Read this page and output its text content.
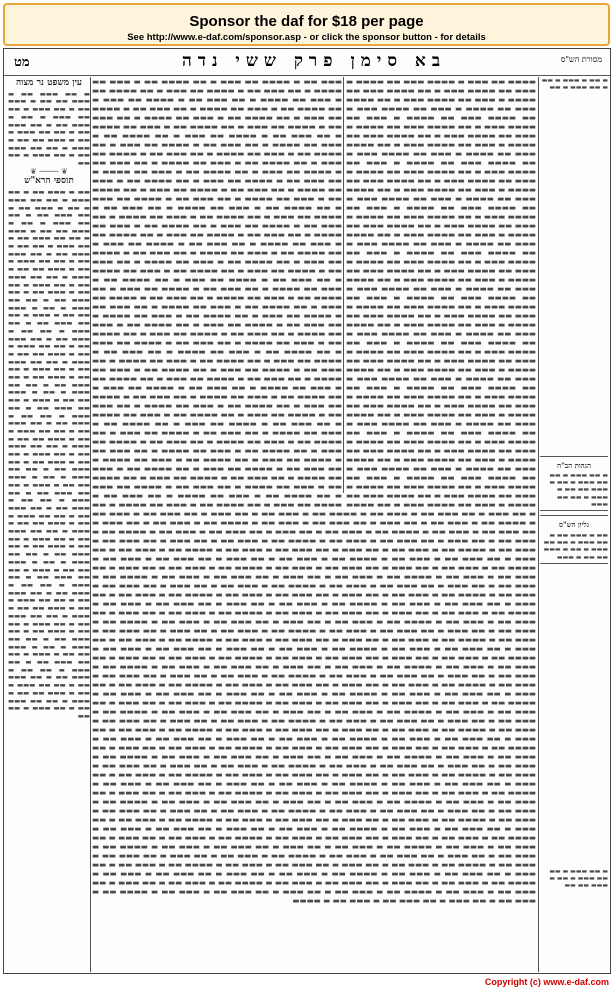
Sponsor the daf for $18 per page
See http://www.e-daf.com/sponsor.asp - or click the sponsor button - for details
מט	בא סימן פרק ששי נדה	מסורת הש"ס
עין משפט נר מצוה
▬ ▬▬ ▬▬▬ ▬▬ ▬ ▬▬▬ ▬▬ ▬▬ ▬ ▬▬▬ ▬▬ ▬ ▬▬ ▬▬▬ ▬ ▬▬ ▬▬ ▬▬▬ ▬ ▬▬ ▬ ▬▬▬ ▬▬ ▬ ▬▬ ▬▬▬ ▬▬ ▬ ▬▬ ▬▬ ▬▬▬ ▬ ▬▬ ▬ ▬▬▬ ▬▬ ▬▬ ▬ ▬▬▬ ▬ ▬▬ ▬▬ ▬▬▬ ▬▬ ▬ ▬▬ ▬▬▬ ▬ ▬▬ ▬▬
❦ ──── ❦
תוספי הרא"ש
▬▬ ▬ ▬▬▬ ▬▬ ▬ ▬▬ ▬▬▬ ▬ ▬▬ ▬▬ ▬▬▬ ▬ ▬▬ ▬ ▬▬▬ ▬▬ ▬ ▬▬ ▬▬▬ ▬▬ ▬ ▬▬ ▬▬ ▬▬▬ ▬ ▬▬ ▬ ▬▬▬ ▬▬ ▬▬ ▬ ▬▬▬ ▬ ▬▬ ▬▬ ▬▬▬ ▬▬ ▬ ▬▬ ▬▬▬ ▬ ▬▬ ▬▬ ▬ ▬▬▬ ▬▬ ▬ ▬▬ ▬▬▬ ▬▬ ▬ ▬▬ ▬▬ ▬▬▬ ▬ ▬▬ ▬ ▬▬▬ ▬▬ ▬▬ ▬ ▬▬▬ ▬ ▬▬ ▬▬ ▬▬▬ ▬▬ ▬ ▬▬ ▬▬▬ ▬ ▬▬ ▬▬ ▬ ▬▬▬ ▬▬ ▬ ▬▬ ▬▬▬ ▬▬ ▬ ▬▬ ▬▬ ▬▬▬ ▬ ▬▬ ▬ ▬▬▬ ▬▬ ▬▬ ▬ ▬▬▬ ▬ ▬▬ ▬▬ ▬▬▬ ▬▬ ▬ ▬▬ ▬▬▬ ▬ ▬▬ ▬▬ ▬ ▬▬▬ ▬▬ ▬ ▬▬ ▬▬▬ ▬▬ ▬ ▬▬ ▬▬ ▬▬▬ ▬ ▬▬ ▬ ▬▬▬ ▬▬ ▬▬ ▬ ▬▬▬ ▬ ▬▬ ▬▬ ▬▬▬ ▬▬ ▬ ▬▬ ▬▬▬ ▬ ▬▬ ▬▬ ▬ ▬▬▬ ▬▬ ▬ ▬▬ ▬▬▬ ▬▬ ▬ ▬▬ ▬▬ ▬▬▬ ▬ ▬▬ ▬ ▬▬▬ ▬▬ ▬▬ ▬ ▬▬▬ ▬ ▬▬ ▬▬ ▬▬▬ ▬▬ ▬ ▬▬ ▬▬▬ ▬ ▬▬ ▬▬ ▬ ▬▬▬ ▬▬ ▬ ▬▬ ▬▬▬ ▬▬ ▬ ▬▬ ▬▬ ▬▬▬ ▬ ▬▬ ▬ ▬▬▬ ▬▬ ▬▬ ▬ ▬▬▬ ▬ ▬▬ ▬▬ ▬▬▬ ▬▬ ▬ ▬▬ ▬▬▬ ▬ ▬▬ ▬▬ ▬ ▬▬▬ ▬▬ ▬ ▬▬ ▬▬▬ ▬▬ ▬ ▬▬ ▬▬ ▬▬▬ ▬ ▬▬ ▬ ▬▬▬ ▬▬ ▬▬ ▬ ▬▬▬ ▬ ▬▬ ▬▬ ▬▬▬ ▬▬ ▬ ▬▬ ▬▬▬ ▬ ▬▬ ▬▬ ▬ ▬▬▬ ▬▬ ▬ ▬▬ ▬▬▬ ▬▬ ▬ ▬▬ ▬▬ ▬▬▬ ▬ ▬▬ ▬ ▬▬▬ ▬▬ ▬▬ ▬ ▬▬▬ ▬ ▬▬ ▬▬ ▬▬▬ ▬▬ ▬ ▬▬ ▬▬▬ ▬ ▬▬ ▬▬ ▬ ▬▬▬ ▬▬ ▬ ▬▬ ▬▬▬ ▬▬ ▬ ▬▬ ▬▬ ▬▬▬ ▬ ▬▬ ▬ ▬▬▬ ▬▬ ▬▬ ▬ ▬▬▬ ▬ ▬▬ ▬▬ ▬▬▬ ▬▬ ▬ ▬▬ ▬▬▬ ▬ ▬▬ ▬▬ ▬ ▬▬▬ ▬▬ ▬ ▬▬ ▬▬▬ ▬▬ ▬ ▬▬ ▬▬ ▬▬▬ ▬ ▬▬ ▬ ▬▬▬ ▬▬ ▬▬ ▬ ▬▬▬ ▬ ▬▬ ▬▬ ▬▬▬ ▬▬ ▬ ▬▬ ▬▬▬ ▬ ▬▬ ▬▬ ▬ ▬▬▬ ▬▬ ▬ ▬▬ ▬▬▬ ▬▬ ▬ ▬▬ ▬▬ ▬▬▬ ▬ ▬▬ ▬ ▬▬▬ ▬▬ ▬▬ ▬ ▬▬▬ ▬ ▬▬ ▬▬ ▬▬▬ ▬▬ ▬ ▬▬ ▬▬▬ ▬ ▬▬ ▬▬ ▬ ▬▬▬ ▬▬ ▬ ▬▬ ▬▬▬ ▬▬ ▬ ▬▬ ▬▬ ▬▬▬ ▬ ▬▬ ▬ ▬▬▬ ▬▬ ▬▬ ▬ ▬▬▬ ▬ ▬▬ ▬▬ ▬▬▬ ▬▬ ▬ ▬▬ ▬▬▬ ▬ ▬▬ ▬▬
▬▬▬ ▬▬ ▬ ▬▬▬▬ ▬▬ ▬▬▬ ▬ ▬▬ ▬▬▬▬ ▬▬ ▬ ▬▬▬ ▬▬ ▬▬▬▬ ▬ ▬▬ ▬▬▬ ▬▬ ▬ ▬▬▬▬ ▬▬ ▬▬▬ ▬ ▬▬ ▬▬▬▬ ▬▬ ▬ ▬▬▬ ▬▬ ▬▬▬▬ ▬ ▬▬ ▬▬▬ ▬▬ ▬ ▬▬▬▬ ▬▬ ▬▬▬ ▬ ▬▬ ▬▬▬▬ ▬▬ ▬ ▬▬▬ ▬▬ ▬▬▬▬ ▬ ▬▬ ▬▬▬ ▬▬ ▬ ▬▬▬▬ ▬▬ ▬▬▬ ▬ ▬▬ ▬▬▬▬ ▬▬ ▬ ▬▬▬ ▬▬ ▬▬▬▬ ▬ ▬▬ ▬▬▬ ▬▬ ▬ ▬▬▬▬ ▬▬ ▬▬▬ ▬ ▬▬ ▬▬▬▬ ▬▬ ▬ ▬▬▬ ▬▬ ▬▬▬▬ ▬ ▬▬ ▬▬▬ ▬▬ ▬ ▬▬▬▬ ▬▬ ▬▬▬ ▬ ▬▬ ▬▬▬▬ ▬▬ ▬ ▬▬▬ ▬▬ ▬▬▬▬ ▬ ▬▬ ▬▬▬ ▬▬ ▬ ▬▬▬▬ ▬▬ ▬▬▬ ▬ ▬▬ ▬▬▬▬ ▬▬ ▬ ▬▬▬ ▬▬ ▬▬▬▬ ▬ ▬▬ ▬▬▬ ▬▬ ▬ ▬▬▬▬ ▬▬ ▬▬▬ ▬ ▬▬ ▬▬▬▬ ▬▬ ▬ ▬▬▬ ▬▬ ▬▬▬▬ ▬ ▬▬ ▬▬▬ ▬▬ ▬ ▬▬▬▬ ▬▬ ▬▬▬ ▬ ▬▬ ▬▬▬▬ ▬▬ ▬ ▬▬▬ ▬▬ ▬▬▬▬ ▬ ▬▬ ▬▬▬ ▬▬ ▬ ▬▬▬▬ ▬▬ ▬▬▬ ▬ ▬▬ ▬▬▬▬ ▬▬ ▬ ▬▬▬ ▬▬ ▬▬▬▬ ▬ ▬▬ ▬▬▬ ▬▬ ▬ ▬▬▬▬ ▬▬ ▬▬▬ ▬ ▬▬ ▬▬▬▬ ▬▬ ▬ ▬▬▬ ▬▬ ▬▬▬▬ ▬ ▬▬ ▬▬▬ ▬▬ ▬ ▬▬▬▬ ▬▬ ▬▬▬ ▬ ▬▬ ▬▬▬▬ ▬▬ ▬ ▬▬▬ ▬▬ ▬▬▬▬ ▬ ▬▬ ▬▬▬ ▬▬ ▬ ▬▬▬▬ ▬▬ ▬▬▬ ▬ ▬▬ ▬▬▬▬ ▬▬ ▬ ▬▬▬ ▬▬ ▬▬▬▬ ▬ ▬▬ ▬▬▬ ▬▬ ▬ ▬▬▬▬ ▬▬ ▬▬▬ ▬ ▬▬ ▬▬▬▬ ▬▬ ▬ ▬▬▬ ▬▬ ▬▬▬▬ ▬ ▬▬ ▬▬▬ ▬▬ ▬ ▬▬▬▬ ▬▬ ▬▬▬ ▬ ▬▬ ▬▬▬▬ ▬▬ ▬ ▬▬▬ ▬▬ ▬▬▬▬ ▬ ▬▬ ▬▬▬ ▬▬ ▬ ▬▬▬▬ ▬▬ ▬▬▬ ▬ ▬▬ ▬▬▬▬ ▬▬ ▬ ▬▬▬ ▬▬ ▬▬▬▬ ▬ ▬▬ ▬▬▬ ▬▬ ▬ ▬▬▬▬ ▬▬ ▬▬▬ ▬ ▬▬ ▬▬▬▬ ▬▬ ▬ ▬▬▬ ▬▬ ▬▬▬▬ ▬ ▬▬ ▬▬▬ ▬▬ ▬ ▬▬▬▬ ▬▬ ▬▬▬ ▬ ▬▬ ▬▬▬▬ ▬▬ ▬ ▬▬▬ ▬▬ ▬▬▬▬ ▬ ▬▬ ▬▬▬ ▬▬ ▬ ▬▬▬▬ ▬▬ ▬▬▬ ▬ ▬▬ ▬▬▬▬ ▬▬ ▬ ▬▬▬ ▬▬ ▬▬▬▬ ▬ ▬▬ ▬▬▬ ▬▬ ▬ ▬▬▬▬ ▬▬ ▬▬▬ ▬ ▬▬ ▬▬▬▬ ▬▬ ▬ ▬▬▬ ▬▬ ▬▬▬▬ ▬ ▬▬ ▬▬▬ ▬▬ ▬ ▬▬▬▬ ▬▬ ▬▬▬ ▬ ▬▬ ▬▬▬▬ ▬▬ ▬ ▬▬▬ ▬▬ ▬▬▬▬ ▬ ▬▬ ▬▬▬ ▬▬ ▬ ▬▬▬▬ ▬▬ ▬▬▬ ▬ ▬▬ ▬▬▬▬ ▬▬ ▬ ▬▬▬ ▬▬ ▬▬▬▬ ▬ ▬▬ ▬▬▬ ▬▬ ▬ ▬▬▬▬ ▬▬ ▬▬▬ ▬ ▬▬ ▬▬▬▬ ▬▬ ▬ ▬▬▬ ▬▬ ▬▬▬▬ ▬ ▬▬ ▬▬▬ ▬▬ ▬ ▬▬▬▬ ▬▬ ▬▬▬ ▬ ▬▬ ▬▬▬▬ ▬▬ ▬ ▬▬▬ ▬▬ ▬▬▬▬ ▬ ▬▬ ▬▬▬ ▬▬ ▬ ▬▬▬▬ ▬▬ ▬▬▬ ▬ ▬▬ ▬▬▬▬ ▬▬ ▬ ▬▬▬ ▬▬ ▬▬▬▬ ▬ ▬▬ ▬▬▬ ▬▬ ▬ ▬▬▬▬ ▬▬ ▬▬▬ ▬ ▬▬ ▬▬▬▬ ▬▬ ▬ ▬▬▬ ▬▬ ▬▬▬▬ ▬ ▬▬ ▬▬▬ ▬▬ ▬ ▬▬▬▬ ▬▬ ▬▬▬ ▬ ▬▬ ▬▬▬▬ ▬▬ ▬ ▬▬▬ ▬▬ ▬▬▬▬ ▬ ▬▬ ▬▬▬ ▬▬ ▬ ▬▬▬▬ ▬▬ ▬▬▬ ▬ ▬▬ ▬▬▬▬ ▬▬ ▬ ▬▬▬ ▬▬ ▬▬▬▬ ▬ ▬▬ ▬▬▬ ▬▬ ▬ ▬▬▬▬ ▬▬ ▬▬▬ ▬ ▬▬ ▬▬▬▬ ▬▬ ▬ ▬▬▬ ▬▬ ▬▬▬▬ ▬ ▬▬ ▬▬▬ ▬▬ ▬ ▬▬▬▬ ▬▬ ▬▬▬ ▬ ▬▬ ▬▬▬▬ ▬▬ ▬ ▬▬▬ ▬▬ ▬▬▬▬ ▬ ▬▬ ▬▬▬ ▬▬ ▬ ▬▬▬▬ ▬▬ ▬▬▬ ▬ ▬▬ ▬▬▬▬ ▬▬ ▬ ▬▬▬ ▬▬ ▬▬▬▬ ▬ ▬▬ ▬▬▬ ▬▬ ▬ ▬▬▬▬ ▬▬ ▬▬▬ ▬ ▬▬ ▬▬▬▬ ▬▬ ▬ ▬▬▬ ▬▬ ▬▬▬▬ ▬ ▬▬ ▬▬▬ ▬▬ ▬ ▬▬▬▬ ▬▬ ▬▬▬ ▬ ▬▬ ▬▬▬▬ ▬▬ ▬ ▬▬▬ ▬▬ ▬▬▬▬ ▬ ▬▬ ▬▬▬ ▬▬ ▬ ▬▬▬▬ ▬▬ ▬▬▬ ▬ ▬▬ ▬▬▬▬ ▬▬ ▬ ▬▬▬ ▬▬ ▬▬▬▬ ▬ ▬▬ ▬▬▬ ▬▬ ▬ ▬▬▬▬ ▬▬ ▬▬▬ ▬ ▬▬ ▬▬▬▬ ▬▬ ▬ ▬▬▬ ▬▬ ▬▬▬▬ ▬ ▬▬ ▬▬▬ ▬▬ ▬ ▬▬▬▬ ▬▬ ▬▬▬ ▬ ▬▬ ▬▬▬▬ ▬▬ ▬ ▬▬▬ ▬▬ ▬▬▬▬ ▬ ▬▬ ▬▬▬ ▬▬ ▬ ▬▬▬▬ ▬▬ ▬▬▬ ▬ ▬▬ ▬▬▬▬ ▬▬ ▬ ▬▬▬ ▬▬ ▬▬▬▬ ▬ ▬▬ ▬▬▬ ▬▬ ▬ ▬▬▬▬ ▬▬ ▬▬▬ ▬ ▬▬ ▬▬▬▬ ▬▬ ▬ ▬▬▬ ▬▬ ▬▬▬▬ ▬ ▬▬ ▬▬▬ ▬▬ ▬ ▬▬▬▬ ▬▬ ▬▬▬ ▬ ▬▬ ▬▬▬▬ ▬▬ ▬ ▬▬▬ ▬▬ ▬▬▬▬ ▬ ▬▬
▬▬▬▬ ▬▬ ▬▬▬ ▬ ▬▬▬▬ ▬▬▬ ▬▬ ▬▬▬▬ ▬ ▬▬▬ ▬▬ ▬▬▬▬ ▬▬▬ ▬ ▬▬ ▬▬▬▬ ▬▬▬ ▬▬ ▬▬▬▬ ▬ ▬▬▬ ▬▬ ▬▬▬▬ ▬▬▬ ▬ ▬▬ ▬▬▬▬ ▬▬▬ ▬▬ ▬▬▬▬ ▬ ▬▬▬ ▬▬ ▬▬▬▬ ▬▬▬ ▬ ▬▬ ▬▬▬▬ ▬▬▬ ▬▬ ▬▬▬▬ ▬ ▬▬▬ ▬▬ ▬▬▬▬ ▬▬▬ ▬ ▬▬ ▬▬▬▬ ▬▬▬ ▬▬ ▬▬▬▬ ▬ ▬▬▬ ▬▬ ▬▬▬▬ ▬▬▬ ▬ ▬▬ ▬▬▬▬ ▬▬▬ ▬▬ ▬▬▬▬ ▬ ▬▬▬ ▬▬ ▬▬▬▬ ▬▬▬ ▬ ▬▬ ▬▬▬▬ ▬▬▬ ▬▬ ▬▬▬▬ ▬ ▬▬▬ ▬▬ ▬▬▬▬ ▬▬▬ ▬ ▬▬ ▬▬▬▬ ▬▬▬ ▬▬ ▬▬▬▬ ▬ ▬▬▬ ▬▬ ▬▬▬▬ ▬▬▬ ▬ ▬▬ ▬▬▬▬ ▬▬▬ ▬▬ ▬▬▬▬ ▬ ▬▬▬ ▬▬ ▬▬▬▬ ▬▬▬ ▬ ▬▬ ▬▬▬▬ ▬▬▬ ▬▬ ▬▬▬▬ ▬ ▬▬▬ ▬▬ ▬▬▬▬ ▬▬▬ ▬ ▬▬ ▬▬▬▬ ▬▬▬ ▬▬ ▬▬▬▬ ▬ ▬▬▬ ▬▬ ▬▬▬▬ ▬▬▬ ▬ ▬▬ ▬▬▬▬ ▬▬▬ ▬▬ ▬▬▬▬ ▬ ▬▬▬ ▬▬ ▬▬▬▬ ▬▬▬ ▬ ▬▬ ▬▬▬▬ ▬▬▬ ▬▬ ▬▬▬▬ ▬ ▬▬▬ ▬▬ ▬▬▬▬ ▬▬▬ ▬ ▬▬ ▬▬▬▬ ▬▬▬ ▬▬ ▬▬▬▬ ▬ ▬▬▬ ▬▬ ▬▬▬▬ ▬▬▬ ▬ ▬▬ ▬▬▬▬ ▬▬▬ ▬▬ ▬▬▬▬ ▬ ▬▬▬ ▬▬ ▬▬▬▬ ▬▬▬ ▬ ▬▬ ▬▬▬▬ ▬▬▬ ▬▬ ▬▬▬▬ ▬ ▬▬▬ ▬▬ ▬▬▬▬ ▬▬▬ ▬ ▬▬ ▬▬▬▬ ▬▬▬ ▬▬ ▬▬▬▬ ▬ ▬▬▬ ▬▬ ▬▬▬▬ ▬▬▬ ▬ ▬▬ ▬▬▬▬ ▬▬▬ ▬▬ ▬▬▬▬ ▬ ▬▬▬ ▬▬ ▬▬▬▬ ▬▬▬ ▬ ▬▬ ▬▬▬▬ ▬▬▬ ▬▬ ▬▬▬▬ ▬ ▬▬▬ ▬▬ ▬▬▬▬ ▬▬▬ ▬ ▬▬ ▬▬▬▬ ▬▬▬ ▬▬ ▬▬▬▬ ▬ ▬▬▬ ▬▬ ▬▬▬▬ ▬▬▬ ▬ ▬▬ ▬▬▬▬ ▬▬▬ ▬▬ ▬▬▬▬ ▬ ▬▬▬ ▬▬ ▬▬▬▬ ▬▬▬ ▬ ▬▬ ▬▬▬▬ ▬▬▬ ▬▬ ▬▬▬▬ ▬ ▬▬▬ ▬▬ ▬▬▬▬ ▬▬▬ ▬ ▬▬ ▬▬▬▬ ▬▬▬ ▬▬ ▬▬▬▬ ▬ ▬▬▬ ▬▬ ▬▬▬▬ ▬▬▬ ▬ ▬▬ ▬▬▬▬ ▬▬▬ ▬▬ ▬▬▬▬ ▬ ▬▬▬ ▬▬ ▬▬▬▬ ▬▬▬ ▬ ▬▬ ▬▬▬▬ ▬▬▬ ▬▬ ▬▬▬▬ ▬ ▬▬▬ ▬▬ ▬▬▬▬ ▬▬▬ ▬ ▬▬ ▬▬▬▬ ▬▬▬ ▬▬ ▬▬▬▬ ▬ ▬▬▬ ▬▬ ▬▬▬▬ ▬▬▬ ▬ ▬▬ ▬▬▬▬ ▬▬▬ ▬▬ ▬▬▬▬ ▬ ▬▬▬ ▬▬ ▬▬▬▬ ▬▬▬ ▬ ▬▬ ▬▬▬▬ ▬▬▬ ▬▬ ▬▬▬▬ ▬ ▬▬▬ ▬▬ ▬▬▬▬ ▬▬▬ ▬ ▬▬ ▬▬▬▬ ▬▬▬ ▬▬ ▬▬▬▬ ▬ ▬▬▬ ▬▬ ▬▬▬▬ ▬▬▬ ▬ ▬▬ ▬▬▬▬ ▬▬▬ ▬▬ ▬▬▬▬ ▬ ▬▬▬ ▬▬ ▬▬▬▬ ▬▬▬ ▬ ▬▬ ▬▬▬▬ ▬▬▬ ▬▬ ▬▬▬▬ ▬ ▬▬▬ ▬▬ ▬▬▬▬ ▬▬▬ ▬ ▬▬ ▬▬▬▬ ▬▬▬ ▬▬ ▬▬▬▬ ▬ ▬▬▬ ▬▬ ▬▬▬▬ ▬▬▬ ▬ ▬▬ ▬▬▬▬ ▬▬▬ ▬▬ ▬▬▬▬ ▬ ▬▬▬ ▬▬ ▬▬▬▬ ▬▬▬ ▬ ▬▬ ▬▬▬▬ ▬▬▬ ▬▬ ▬▬▬▬ ▬ ▬▬▬ ▬▬ ▬▬▬▬ ▬▬▬ ▬ ▬▬ ▬▬▬▬ ▬▬▬ ▬▬ ▬▬▬▬ ▬ ▬▬▬ ▬▬ ▬▬▬▬ ▬▬▬ ▬ ▬▬ ▬▬▬▬ ▬▬▬ ▬▬ ▬▬▬▬ ▬ ▬▬▬ ▬▬ ▬▬▬▬ ▬▬▬ ▬ ▬▬ ▬▬▬▬ ▬▬▬ ▬▬ ▬▬▬▬ ▬ ▬▬▬ ▬▬ ▬▬▬▬ ▬▬▬ ▬ ▬▬ ▬▬▬▬ ▬▬▬ ▬▬ ▬▬▬▬ ▬ ▬▬▬ ▬▬ ▬▬▬▬ ▬▬▬ ▬ ▬▬ ▬▬▬▬
▬ ▬▬ ▬▬▬ ▬ ▬▬ ▬▬▬ ▬▬ ▬ ▬▬▬ ▬▬ ▬ ▬▬▬▬ ▬▬ ▬ ▬▬▬ ▬▬ ▬ ▬▬ ▬▬▬ ▬ ▬▬ ▬▬▬ ▬▬ ▬ ▬▬▬ ▬▬ ▬ ▬▬▬▬ ▬▬ ▬ ▬▬▬ ▬▬ ▬ ▬▬ ▬▬▬ ▬ ▬▬ ▬▬▬ ▬▬ ▬ ▬▬▬ ▬▬ ▬ ▬▬▬▬ ▬▬ ▬ ▬▬▬ ▬▬ ▬ ▬▬ ▬▬▬ ▬ ▬▬ ▬▬▬ ▬▬ ▬ ▬▬▬ ▬▬ ▬ ▬▬▬▬ ▬▬ ▬ ▬▬▬ ▬▬ ▬ ▬▬ ▬▬▬ ▬ ▬▬ ▬▬▬ ▬▬ ▬ ▬▬▬ ▬▬ ▬ ▬▬▬▬ ▬▬ ▬ ▬▬▬ ▬▬ ▬ ▬▬ ▬▬▬ ▬ ▬▬ ▬▬▬ ▬▬ ▬ ▬▬▬ ▬▬ ▬ ▬▬▬▬ ▬▬ ▬ ▬▬▬ ▬▬ ▬ ▬▬ ▬▬▬ ▬ ▬▬ ▬▬▬ ▬▬ ▬ ▬▬▬ ▬▬ ▬ ▬▬▬▬ ▬▬ ▬ ▬▬▬ ▬▬ ▬ ▬▬ ▬▬▬ ▬ ▬▬ ▬▬▬ ▬▬ ▬ ▬▬▬ ▬▬ ▬ ▬▬▬▬ ▬▬ ▬ ▬▬▬ ▬▬ ▬ ▬▬ ▬▬▬ ▬ ▬▬ ▬▬▬ ▬▬ ▬ ▬▬▬ ▬▬ ▬ ▬▬▬▬ ▬▬ ▬ ▬▬▬ ▬▬ ▬ ▬▬ ▬▬▬ ▬ ▬▬ ▬▬▬ ▬▬ ▬ ▬▬▬ ▬▬ ▬ ▬▬▬▬ ▬▬ ▬ ▬▬▬ ▬▬ ▬ ▬▬ ▬▬▬ ▬ ▬▬ ▬▬▬ ▬▬ ▬ ▬▬▬ ▬▬ ▬ ▬▬▬▬ ▬▬ ▬ ▬▬▬ ▬▬ ▬ ▬▬ ▬▬▬ ▬ ▬▬ ▬▬▬ ▬▬ ▬ ▬▬▬ ▬▬ ▬ ▬▬▬▬ ▬▬ ▬ ▬▬▬ ▬▬ ▬ ▬▬ ▬▬▬ ▬ ▬▬ ▬▬▬ ▬▬ ▬ ▬▬▬ ▬▬ ▬ ▬▬▬▬ ▬▬ ▬ ▬▬▬ ▬▬ ▬ ▬▬ ▬▬▬ ▬ ▬▬ ▬▬▬ ▬▬ ▬ ▬▬▬ ▬▬ ▬ ▬▬▬▬ ▬▬ ▬ ▬▬▬ ▬▬ ▬ ▬▬ ▬▬▬ ▬ ▬▬ ▬▬▬ ▬▬ ▬ ▬▬▬ ▬▬ ▬ ▬▬▬▬ ▬▬ ▬ ▬▬▬ ▬▬ ▬ ▬▬ ▬▬▬ ▬ ▬▬ ▬▬▬ ▬▬ ▬ ▬▬▬ ▬▬ ▬ ▬▬▬▬ ▬▬ ▬ ▬▬▬ ▬▬ ▬ ▬▬ ▬▬▬ ▬ ▬▬ ▬▬▬ ▬▬ ▬ ▬▬▬ ▬▬ ▬ ▬▬▬▬ ▬▬ ▬ ▬▬▬ ▬▬ ▬ ▬▬ ▬▬▬ ▬ ▬▬ ▬▬▬ ▬▬ ▬ ▬▬▬ ▬▬ ▬ ▬▬▬▬ ▬▬ ▬ ▬▬▬ ▬▬ ▬ ▬▬ ▬▬▬ ▬ ▬▬ ▬▬▬ ▬▬ ▬ ▬▬▬ ▬▬ ▬ ▬▬▬▬ ▬▬ ▬ ▬▬▬ ▬▬ ▬ ▬▬ ▬▬▬ ▬ ▬▬ ▬▬▬ ▬▬ ▬ ▬▬▬ ▬▬ ▬ ▬▬▬▬ ▬▬ ▬ ▬▬▬ ▬▬ ▬ ▬▬ ▬▬▬ ▬ ▬▬ ▬▬▬ ▬▬ ▬ ▬▬▬ ▬▬ ▬ ▬▬▬▬ ▬▬ ▬ ▬▬▬ ▬▬ ▬ ▬▬ ▬▬▬ ▬ ▬▬ ▬▬▬ ▬▬ ▬ ▬▬▬ ▬▬ ▬ ▬▬▬▬ ▬▬ ▬ ▬▬▬ ▬▬ ▬ ▬▬ ▬▬▬ ▬ ▬▬ ▬▬▬ ▬▬ ▬ ▬▬▬ ▬▬ ▬ ▬▬▬▬ ▬▬ ▬ ▬▬▬ ▬▬ ▬ ▬▬ ▬▬▬ ▬ ▬▬ ▬▬▬ ▬▬ ▬ ▬▬▬ ▬▬ ▬ ▬▬▬▬ ▬▬ ▬ ▬▬▬ ▬▬ ▬ ▬▬ ▬▬▬ ▬ ▬▬ ▬▬▬ ▬▬ ▬ ▬▬▬ ▬▬ ▬ ▬▬▬▬ ▬▬ ▬ ▬▬▬ ▬▬ ▬ ▬▬ ▬▬▬ ▬ ▬▬ ▬▬▬ ▬▬ ▬ ▬▬▬ ▬▬ ▬ ▬▬▬▬ ▬▬ ▬ ▬▬▬ ▬▬ ▬ ▬▬ ▬▬▬ ▬ ▬▬ ▬▬▬ ▬▬ ▬ ▬▬▬ ▬▬ ▬ ▬▬▬▬ ▬▬ ▬ ▬▬▬ ▬▬ ▬ ▬▬ ▬▬▬ ▬ ▬▬ ▬▬▬ ▬▬ ▬ ▬▬▬ ▬▬ ▬ ▬▬▬▬ ▬▬ ▬ ▬▬▬ ▬▬ ▬ ▬▬ ▬▬▬ ▬ ▬▬ ▬▬▬ ▬▬ ▬ ▬▬▬ ▬▬ ▬ ▬▬▬▬ ▬▬ ▬ ▬▬▬ ▬▬ ▬ ▬▬ ▬▬▬ ▬ ▬▬ ▬▬▬ ▬▬ ▬ ▬▬▬ ▬▬ ▬ ▬▬▬▬ ▬▬ ▬ ▬▬▬ ▬▬ ▬ ▬▬ ▬▬▬ ▬ ▬▬ ▬▬▬ ▬▬ ▬ ▬▬▬ ▬▬ ▬ ▬▬▬▬ ▬▬ ▬ ▬▬▬ ▬▬ ▬ ▬▬ ▬▬▬ ▬ ▬▬ ▬▬▬ ▬▬ ▬ ▬▬▬ ▬▬ ▬ ▬▬▬▬ ▬▬ ▬ ▬▬▬ ▬▬ ▬ ▬▬ ▬▬▬ ▬ ▬▬ ▬▬▬ ▬▬ ▬ ▬▬▬ ▬▬ ▬ ▬▬▬▬ ▬▬ ▬ ▬▬▬ ▬▬ ▬ ▬▬ ▬▬▬ ▬ ▬▬ ▬▬▬ ▬▬ ▬ ▬▬▬ ▬▬ ▬ ▬▬▬▬ ▬▬ ▬ ▬▬▬ ▬▬ ▬ ▬▬ ▬▬▬ ▬ ▬▬ ▬▬▬ ▬▬ ▬ ▬▬▬ ▬▬ ▬ ▬▬▬▬ ▬▬ ▬ ▬▬▬ ▬▬ ▬ ▬▬ ▬▬▬ ▬ ▬▬ ▬▬▬ ▬▬ ▬ ▬▬▬ ▬▬ ▬ ▬▬▬▬ ▬▬ ▬ ▬▬▬ ▬▬ ▬ ▬▬ ▬▬▬ ▬ ▬▬ ▬▬▬ ▬▬ ▬ ▬▬▬ ▬▬ ▬ ▬▬▬▬ ▬▬ ▬ ▬▬▬ ▬▬ ▬ ▬▬ ▬▬▬ ▬ ▬▬ ▬▬▬ ▬▬ ▬ ▬▬▬ ▬▬ ▬ ▬▬▬▬ ▬▬ ▬ ▬▬▬ ▬▬ ▬ ▬▬ ▬▬▬ ▬ ▬▬ ▬▬▬ ▬▬ ▬ ▬▬▬ ▬▬ ▬ ▬▬▬▬ ▬▬ ▬ ▬▬▬ ▬▬ ▬ ▬▬ ▬▬▬ ▬ ▬▬ ▬▬▬ ▬▬ ▬ ▬▬▬ ▬▬ ▬ ▬▬▬▬ ▬▬ ▬ ▬▬▬ ▬▬ ▬ ▬▬ ▬▬▬ ▬ ▬▬ ▬▬▬ ▬▬ ▬ ▬▬▬ ▬▬ ▬ ▬▬▬▬ ▬▬ ▬ ▬▬▬ ▬▬ ▬ ▬▬ ▬▬▬ ▬ ▬▬ ▬▬▬ ▬▬ ▬ ▬▬▬ ▬▬ ▬ ▬▬▬▬ ▬▬ ▬ ▬▬▬ ▬▬ ▬ ▬▬ ▬▬▬ ▬ ▬▬ ▬▬▬ ▬▬ ▬ ▬▬▬ ▬▬ ▬ ▬▬▬▬ ▬▬ ▬ ▬▬▬ ▬▬ ▬ ▬▬ ▬▬▬ ▬ ▬▬ ▬▬▬ ▬▬ ▬ ▬▬▬ ▬▬ ▬ ▬▬▬▬ ▬▬ ▬ ▬▬▬ ▬▬ ▬ ▬▬ ▬▬▬ ▬ ▬▬ ▬▬▬ ▬▬ ▬ ▬▬▬ ▬▬ ▬ ▬▬▬▬ ▬▬ ▬ ▬▬▬ ▬▬ ▬ ▬▬ ▬▬▬ ▬ ▬▬ ▬▬▬ ▬▬ ▬ ▬▬▬ ▬▬ ▬ ▬▬▬▬ ▬▬ ▬ ▬▬▬ ▬▬ ▬ ▬▬ ▬▬▬ ▬ ▬▬ ▬▬▬ ▬▬ ▬ ▬▬▬ ▬▬ ▬ ▬▬▬▬ ▬▬ ▬ ▬▬▬ ▬▬ ▬ ▬▬ ▬▬▬ ▬ ▬▬ ▬▬▬ ▬▬ ▬ ▬▬▬ ▬▬ ▬ ▬▬▬▬ ▬▬ ▬ ▬▬▬ ▬▬ ▬ ▬▬ ▬▬▬ ▬ ▬▬ ▬▬▬ ▬▬ ▬ ▬▬▬ ▬▬ ▬ ▬▬▬▬ ▬▬ ▬ ▬▬▬ ▬▬ ▬ ▬▬ ▬▬▬ ▬ ▬▬ ▬▬▬ ▬▬ ▬ ▬▬▬ ▬▬ ▬ ▬▬▬▬ ▬▬ ▬ ▬▬▬ ▬▬ ▬ ▬▬ ▬▬▬ ▬ ▬▬ ▬▬▬ ▬▬ ▬ ▬▬▬ ▬▬ ▬ ▬▬▬▬ ▬▬ ▬ ▬▬▬ ▬▬ ▬ ▬▬ ▬▬▬ ▬ ▬▬ ▬▬▬ ▬▬ ▬ ▬▬▬ ▬▬ ▬ ▬▬▬▬ ▬▬ ▬ ▬▬▬ ▬▬ ▬ ▬▬ ▬▬▬ ▬ ▬▬ ▬▬▬ ▬▬ ▬ ▬▬▬ ▬▬ ▬ ▬▬▬▬ ▬▬ ▬ ▬▬▬ ▬▬ ▬ ▬▬ ▬▬▬ ▬ ▬▬ ▬▬▬ ▬▬ ▬ ▬▬▬ ▬▬ ▬ ▬▬▬▬ ▬▬ ▬ ▬▬▬ ▬▬ ▬ ▬▬ ▬▬▬ ▬ ▬▬ ▬▬▬ ▬▬ ▬ ▬▬▬ ▬▬ ▬ ▬▬▬▬ ▬▬ ▬ ▬▬▬ ▬▬ ▬ ▬▬ ▬▬▬ ▬ ▬▬ ▬▬▬ ▬▬ ▬ ▬▬▬ ▬▬ ▬ ▬▬▬▬ ▬▬ ▬ ▬▬▬ ▬▬ ▬ ▬▬ ▬▬▬ ▬ ▬▬ ▬▬▬ ▬▬ ▬ ▬▬▬ ▬▬ ▬ ▬▬▬▬ ▬▬ ▬ ▬▬▬ ▬▬ ▬ ▬▬ ▬▬▬ ▬ ▬▬ ▬▬▬ ▬▬ ▬ ▬▬▬ ▬▬ ▬ ▬▬▬▬ ▬▬ ▬ ▬▬▬ ▬▬ ▬ ▬▬ ▬▬▬ ▬ ▬▬ ▬▬▬ ▬▬ ▬ ▬▬▬ ▬▬ ▬ ▬▬▬▬ ▬▬ ▬ ▬▬▬ ▬▬ ▬ ▬▬ ▬▬▬ ▬ ▬▬ ▬▬▬ ▬▬ ▬ ▬▬▬ ▬▬ ▬ ▬▬▬▬ ▬▬ ▬ ▬▬▬ ▬▬ ▬ ▬▬ ▬▬▬ ▬ ▬▬ ▬▬▬ ▬▬ ▬ ▬▬▬ ▬▬ ▬ ▬▬▬▬ ▬▬ ▬ ▬▬▬ ▬▬ ▬ ▬▬ ▬▬▬ ▬ ▬▬ ▬▬▬ ▬▬ ▬ ▬▬▬ ▬▬ ▬ ▬▬▬▬ ▬▬ ▬ ▬▬▬ ▬▬ ▬ ▬▬ ▬▬▬ ▬ ▬▬ ▬▬▬ ▬▬ ▬ ▬▬▬ ▬▬ ▬ ▬▬▬▬ ▬▬ ▬ ▬▬▬ ▬▬ ▬ ▬▬ ▬▬▬ ▬ ▬▬ ▬▬▬ ▬▬ ▬ ▬▬▬ ▬▬ ▬ ▬▬▬▬ ▬▬ ▬ ▬▬▬ ▬▬ ▬ ▬▬ ▬▬▬ ▬ ▬▬ ▬▬▬ ▬▬ ▬ ▬▬▬ ▬▬ ▬ ▬▬▬▬ ▬▬ ▬ ▬▬▬ ▬▬ ▬ ▬▬ ▬▬▬ ▬ ▬▬ ▬▬▬ ▬▬ ▬ ▬▬▬ ▬▬ ▬ ▬▬▬▬ ▬▬ ▬ ▬▬▬ ▬▬ ▬ ▬▬ ▬▬▬ ▬ ▬▬ ▬▬▬ ▬▬ ▬ ▬▬▬ ▬▬ ▬ ▬▬▬▬ ▬▬ ▬ ▬▬▬ ▬▬ ▬ ▬▬ ▬▬▬ ▬ ▬▬ ▬▬▬ ▬▬ ▬ ▬▬▬ ▬▬ ▬ ▬▬▬▬ ▬▬ ▬ ▬▬▬ ▬▬ ▬ ▬▬ ▬▬▬ ▬ ▬▬ ▬▬▬ ▬▬ ▬ ▬▬▬ ▬▬ ▬ ▬▬▬▬ ▬▬ ▬ ▬▬▬ ▬▬ ▬ ▬▬ ▬▬▬ ▬ ▬▬ ▬▬▬ ▬▬ ▬ ▬▬▬ ▬▬ ▬ ▬▬▬▬
▬ ▬▬ ▬ ▬▬▬ ▬ ▬▬ ▬ ▬▬ ▬▬▬ ▬ ▬▬
הגהות הב"ח
▬ ▬▬ ▬▬▬ ▬ ▬▬ ▬▬ ▬▬▬ ▬ ▬▬ ▬ ▬▬▬ ▬▬ ▬▬ ▬ ▬▬▬ ▬ ▬▬ ▬▬ ▬▬▬
גליון הש"ס
▬▬ ▬ ▬▬▬ ▬▬ ▬ ▬▬ ▬▬▬ ▬ ▬▬ ▬▬ ▬▬▬ ▬ ▬▬ ▬ ▬▬▬ ▬▬ ▬▬ ▬ ▬▬▬
▬ ▬▬ ▬▬▬ ▬ ▬▬ ▬▬ ▬▬▬ ▬ ▬▬ ▬ ▬▬▬ ▬▬ ▬▬
Copyright (c) www.e-daf.com
